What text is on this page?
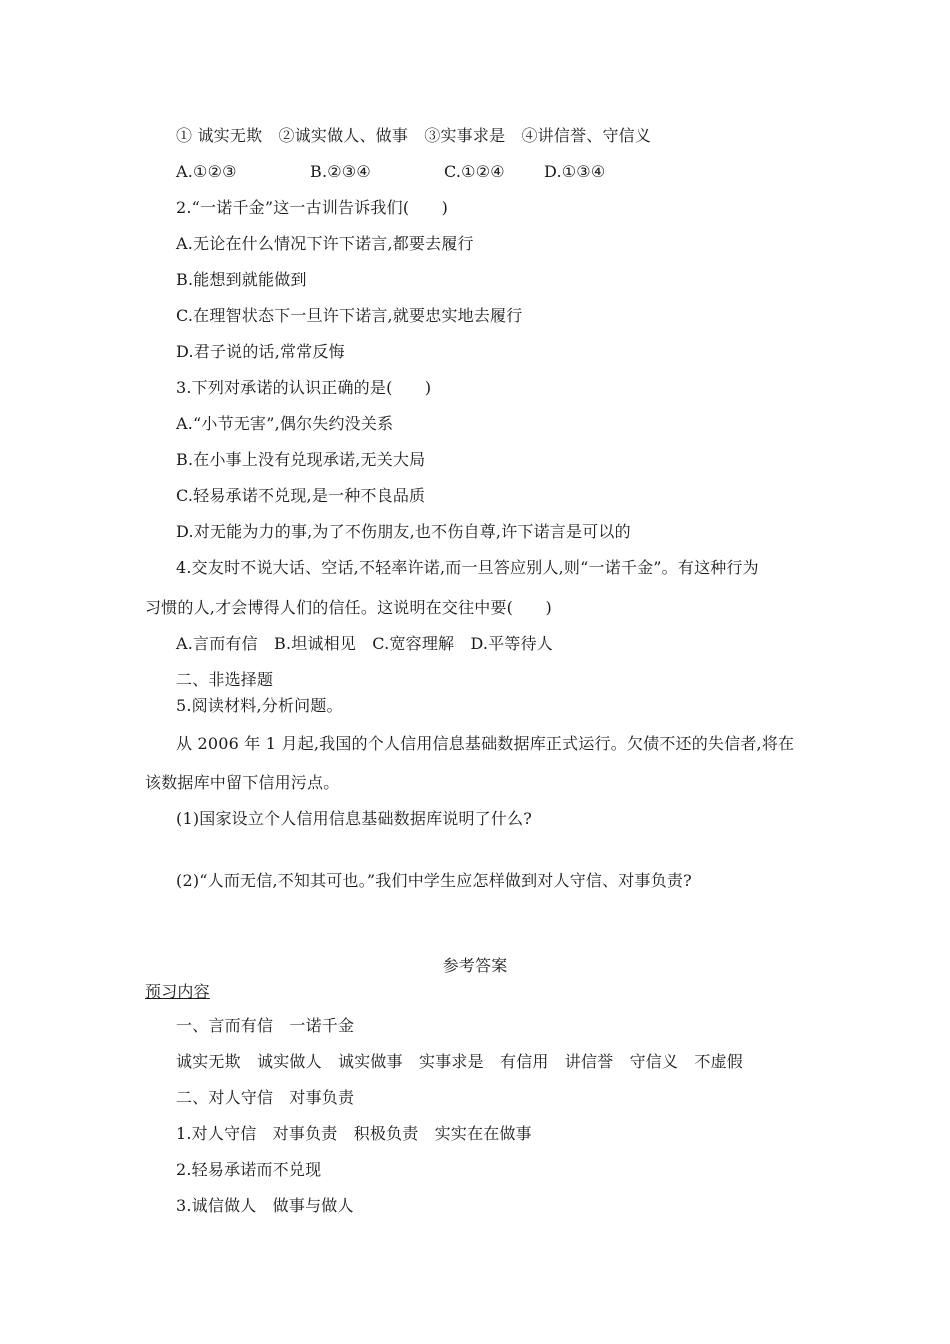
① 诚实无欺　②诚实做人、做事　③实事求是　④讲信誉、守信义
A.①②③	B.②③④	C.①②④ D.①③④
2.“一诺千金”这一古训告诉我们(　　)
A.无论在什么情况下许下诺言,都要去履行
B.能想到就能做到
C.在理智状态下一旦许下诺言,就要忠实地去履行
D.君子说的话,常常反悔
3.下列对承诺的认识正确的是(　　)
A.“小节无害”,偶尔失约没关系
B.在小事上没有兑现承诺,无关大局
C.轻易承诺不兑现,是一种不良品质
D.对无能为力的事,为了不伤朋友,也不伤自尊,许下诺言是可以的
4.交友时不说大话、空话,不轻率许诺,而一旦答应别人,则“一诺千金”。有这种行为
习惯的人,才会博得人们的信任。这说明在交往中要(　　)
A.言而有信　B.坦诚相见　C.宽容理解　D.平等待人
二、非选择题
5.阅读材料,分析问题。
从 2006 年 1 月起,我国的个人信用信息基础数据库正式运行。欠债不还的失信者,将在
该数据库中留下信用污点。
(1)国家设立个人信用信息基础数据库说明了什么?
(2)“人而无信,不知其可也。”我们中学生应怎样做到对人守信、对事负责?
参考答案
预习内容
一、言而有信　一诺千金
诚实无欺　诚实做人　诚实做事　实事求是　有信用　讲信誉　守信义　不虚假
二、对人守信　对事负责
1.对人守信　对事负责　积极负责　实实在在做事
2.轻易承诺而不兑现
3.诚信做人　做事与做人
